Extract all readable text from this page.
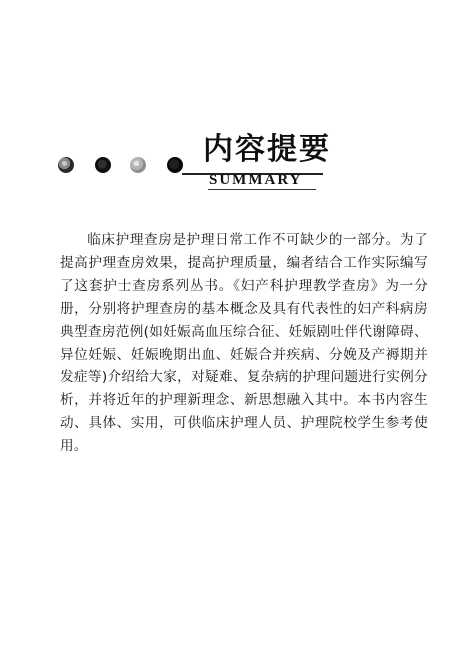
内容提要
SUMMARY

临床护理查房是护理日常工作不可缺少的一部分。为了提高护理查房效果，提高护理质量，编者结合工作实际编写了这套护士查房系列丛书。《妇产科护理教学查房》为一分册，分别将护理查房的基本概念及具有代表性的妇产科病房典型查房范例(如妊娠高血压综合征、妊娠剧吐伴代谢障碍、异位妊娠、妊娠晚期出血、妊娠合并疾病、分娩及产褥期并发症等)介绍给大家，对疑难、复杂病的护理问题进行实例分析，并将近年的护理新理念、新思想融入其中。本书内容生动、具体、实用，可供临床护理人员、护理院校学生参考使用。
